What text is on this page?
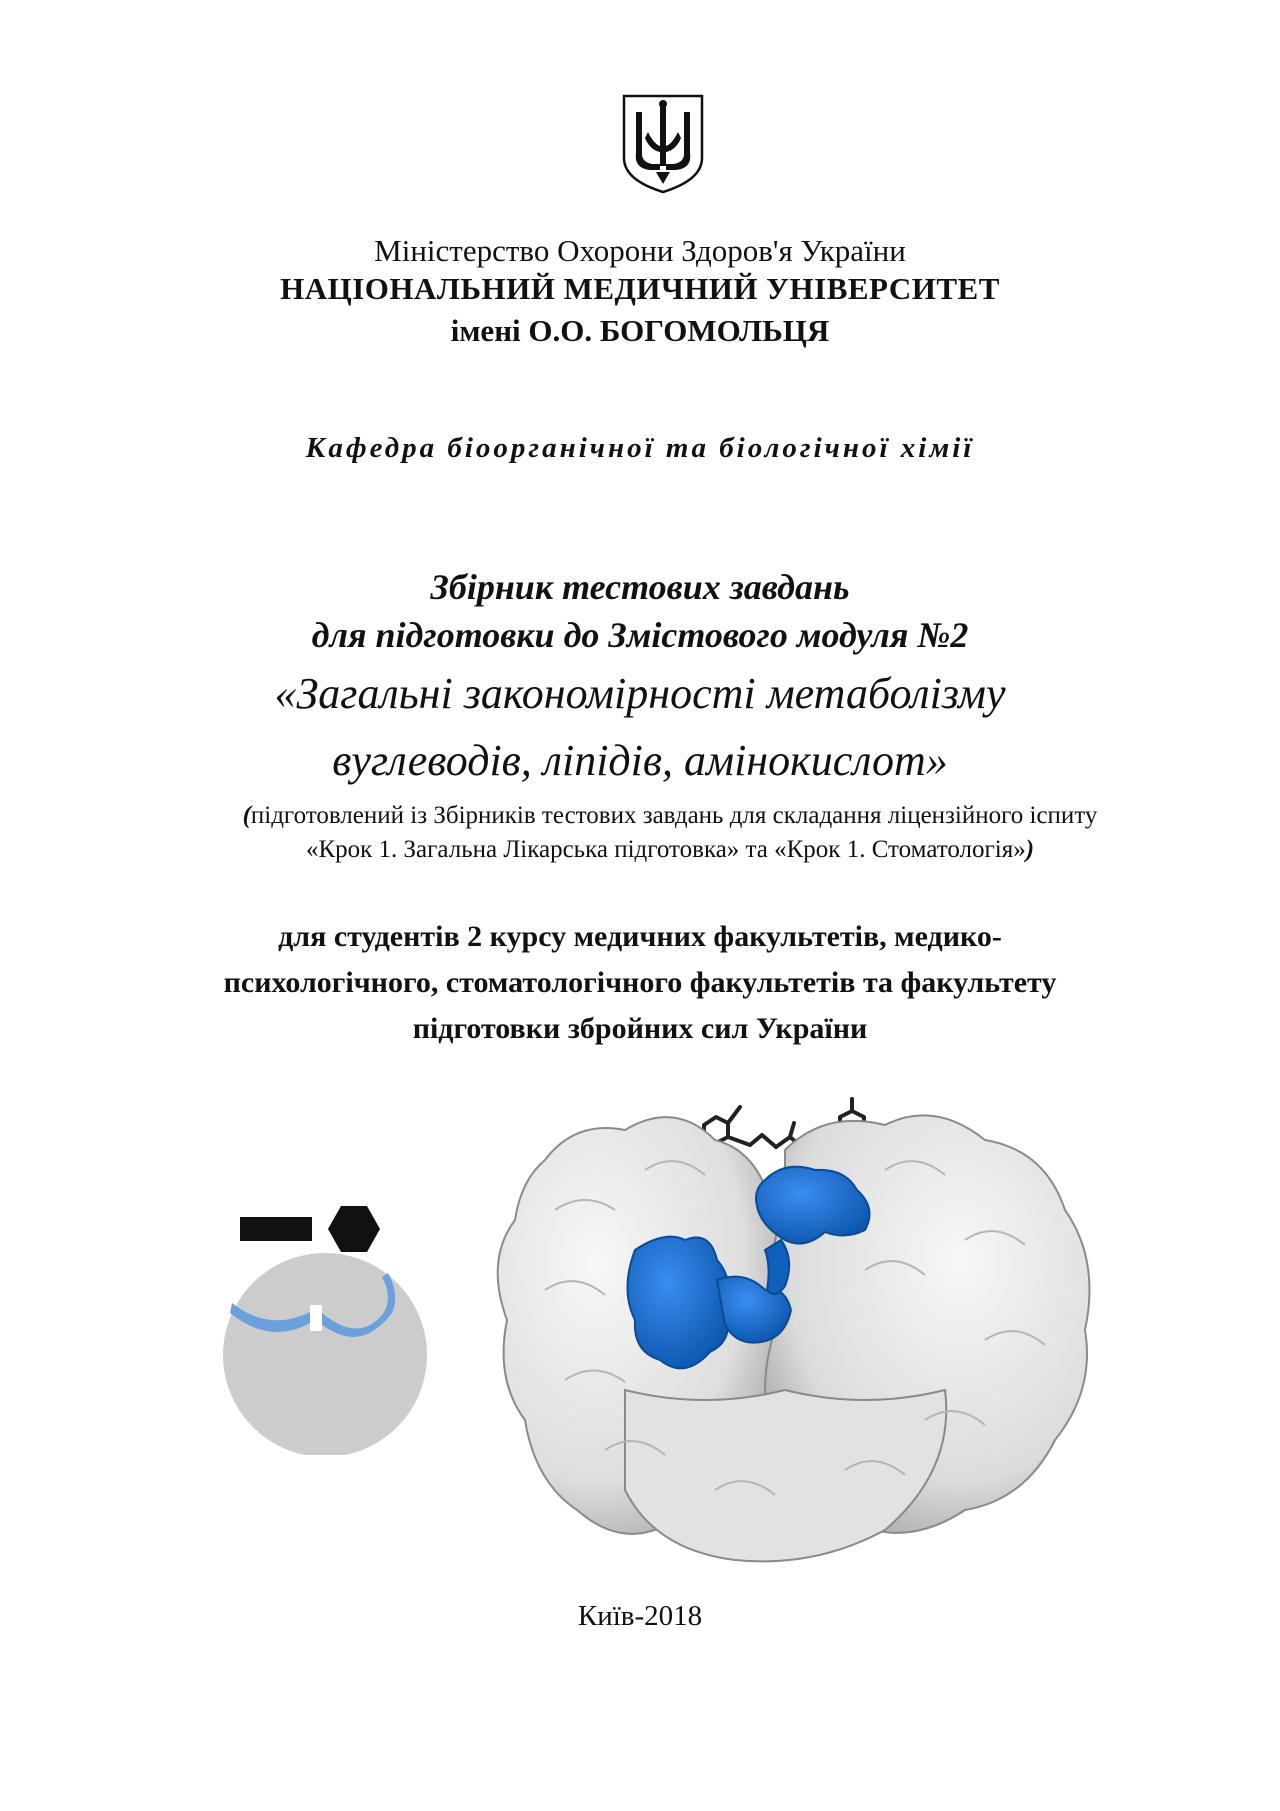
Міністерство Охорони Здоров'я України
НАЦІОНАЛЬНИЙ МЕДИЧНИЙ УНІВЕРСИТЕТ
імені О.О. БОГОМОЛЬЦЯ
Кафедра біоорганічної та біологічної хімії
Збірник тестових завдань
для підготовки до Змістового модуля №2
«Загальні закономірності метаболізму
вуглеводів, ліпідів, амінокислот»
(підготовлений із Збірників тестових завдань для складання ліцензійного іспиту
«Крок 1. Загальна Лікарська підготовка» та «Крок 1. Стоматологія»)
для студентів 2 курсу медичних факультетів, медико-
психологічного, стоматологічного факультетів та факультету
підготовки збройних сил України
Київ-2018
